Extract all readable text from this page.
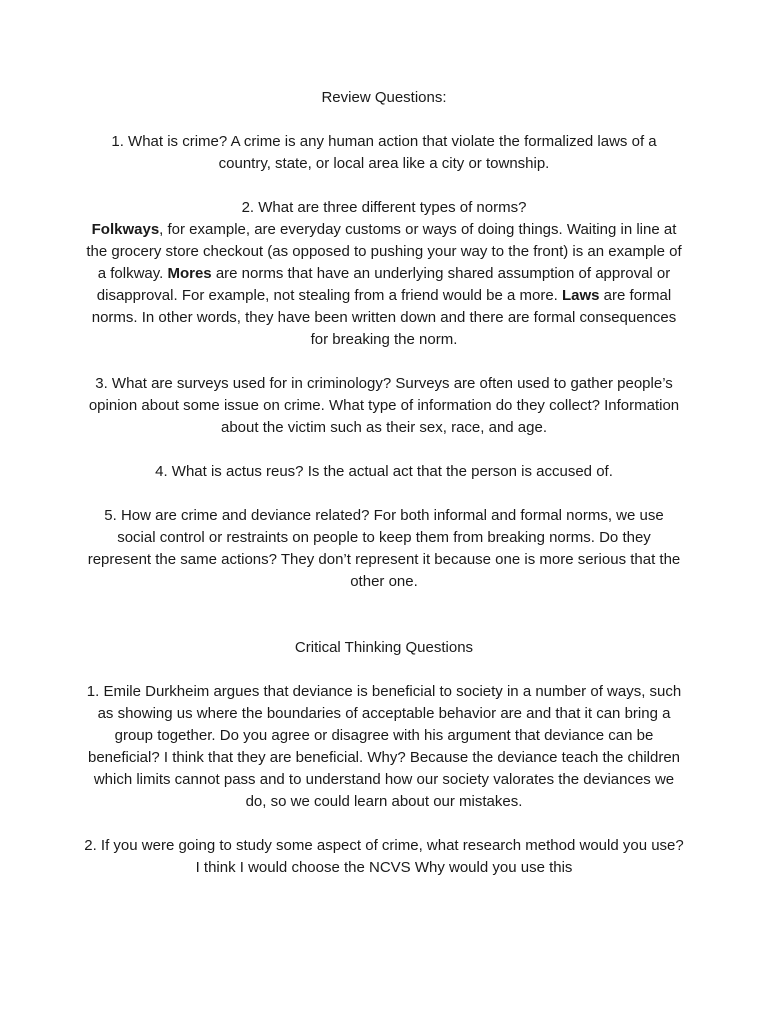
Review Questions:

1. What is crime? A crime is any human action that violate the formalized laws of a country, state, or local area like a city or township.

2. What are three different types of norms?
Folkways, for example, are everyday customs or ways of doing things. Waiting in line at the grocery store checkout (as opposed to pushing your way to the front) is an example of a folkway. Mores are norms that have an underlying shared assumption of approval or disapproval. For example, not stealing from a friend would be a more. Laws are formal norms. In other words, they have been written down and there are formal consequences for breaking the norm.

3. What are surveys used for in criminology? Surveys are often used to gather people’s opinion about some issue on crime. What type of information do they collect? Information about the victim such as their sex, race, and age.

4. What is actus reus? Is the actual act that the person is accused of.

5. How are crime and deviance related? For both informal and formal norms, we use social control or restraints on people to keep them from breaking norms. Do they represent the same actions? They don’t represent it because one is more serious that the other one.

Critical Thinking Questions

1. Emile Durkheim argues that deviance is beneficial to society in a number of ways, such as showing us where the boundaries of acceptable behavior are and that it can bring a group together. Do you agree or disagree with his argument that deviance can be beneficial? I think that they are beneficial. Why? Because the deviance teach the children which limits cannot pass and to understand how our society valorates the deviances we do, so we could learn about our mistakes.

2. If you were going to study some aspect of crime, what research method would you use? I think I would choose the NCVS Why would you use this
